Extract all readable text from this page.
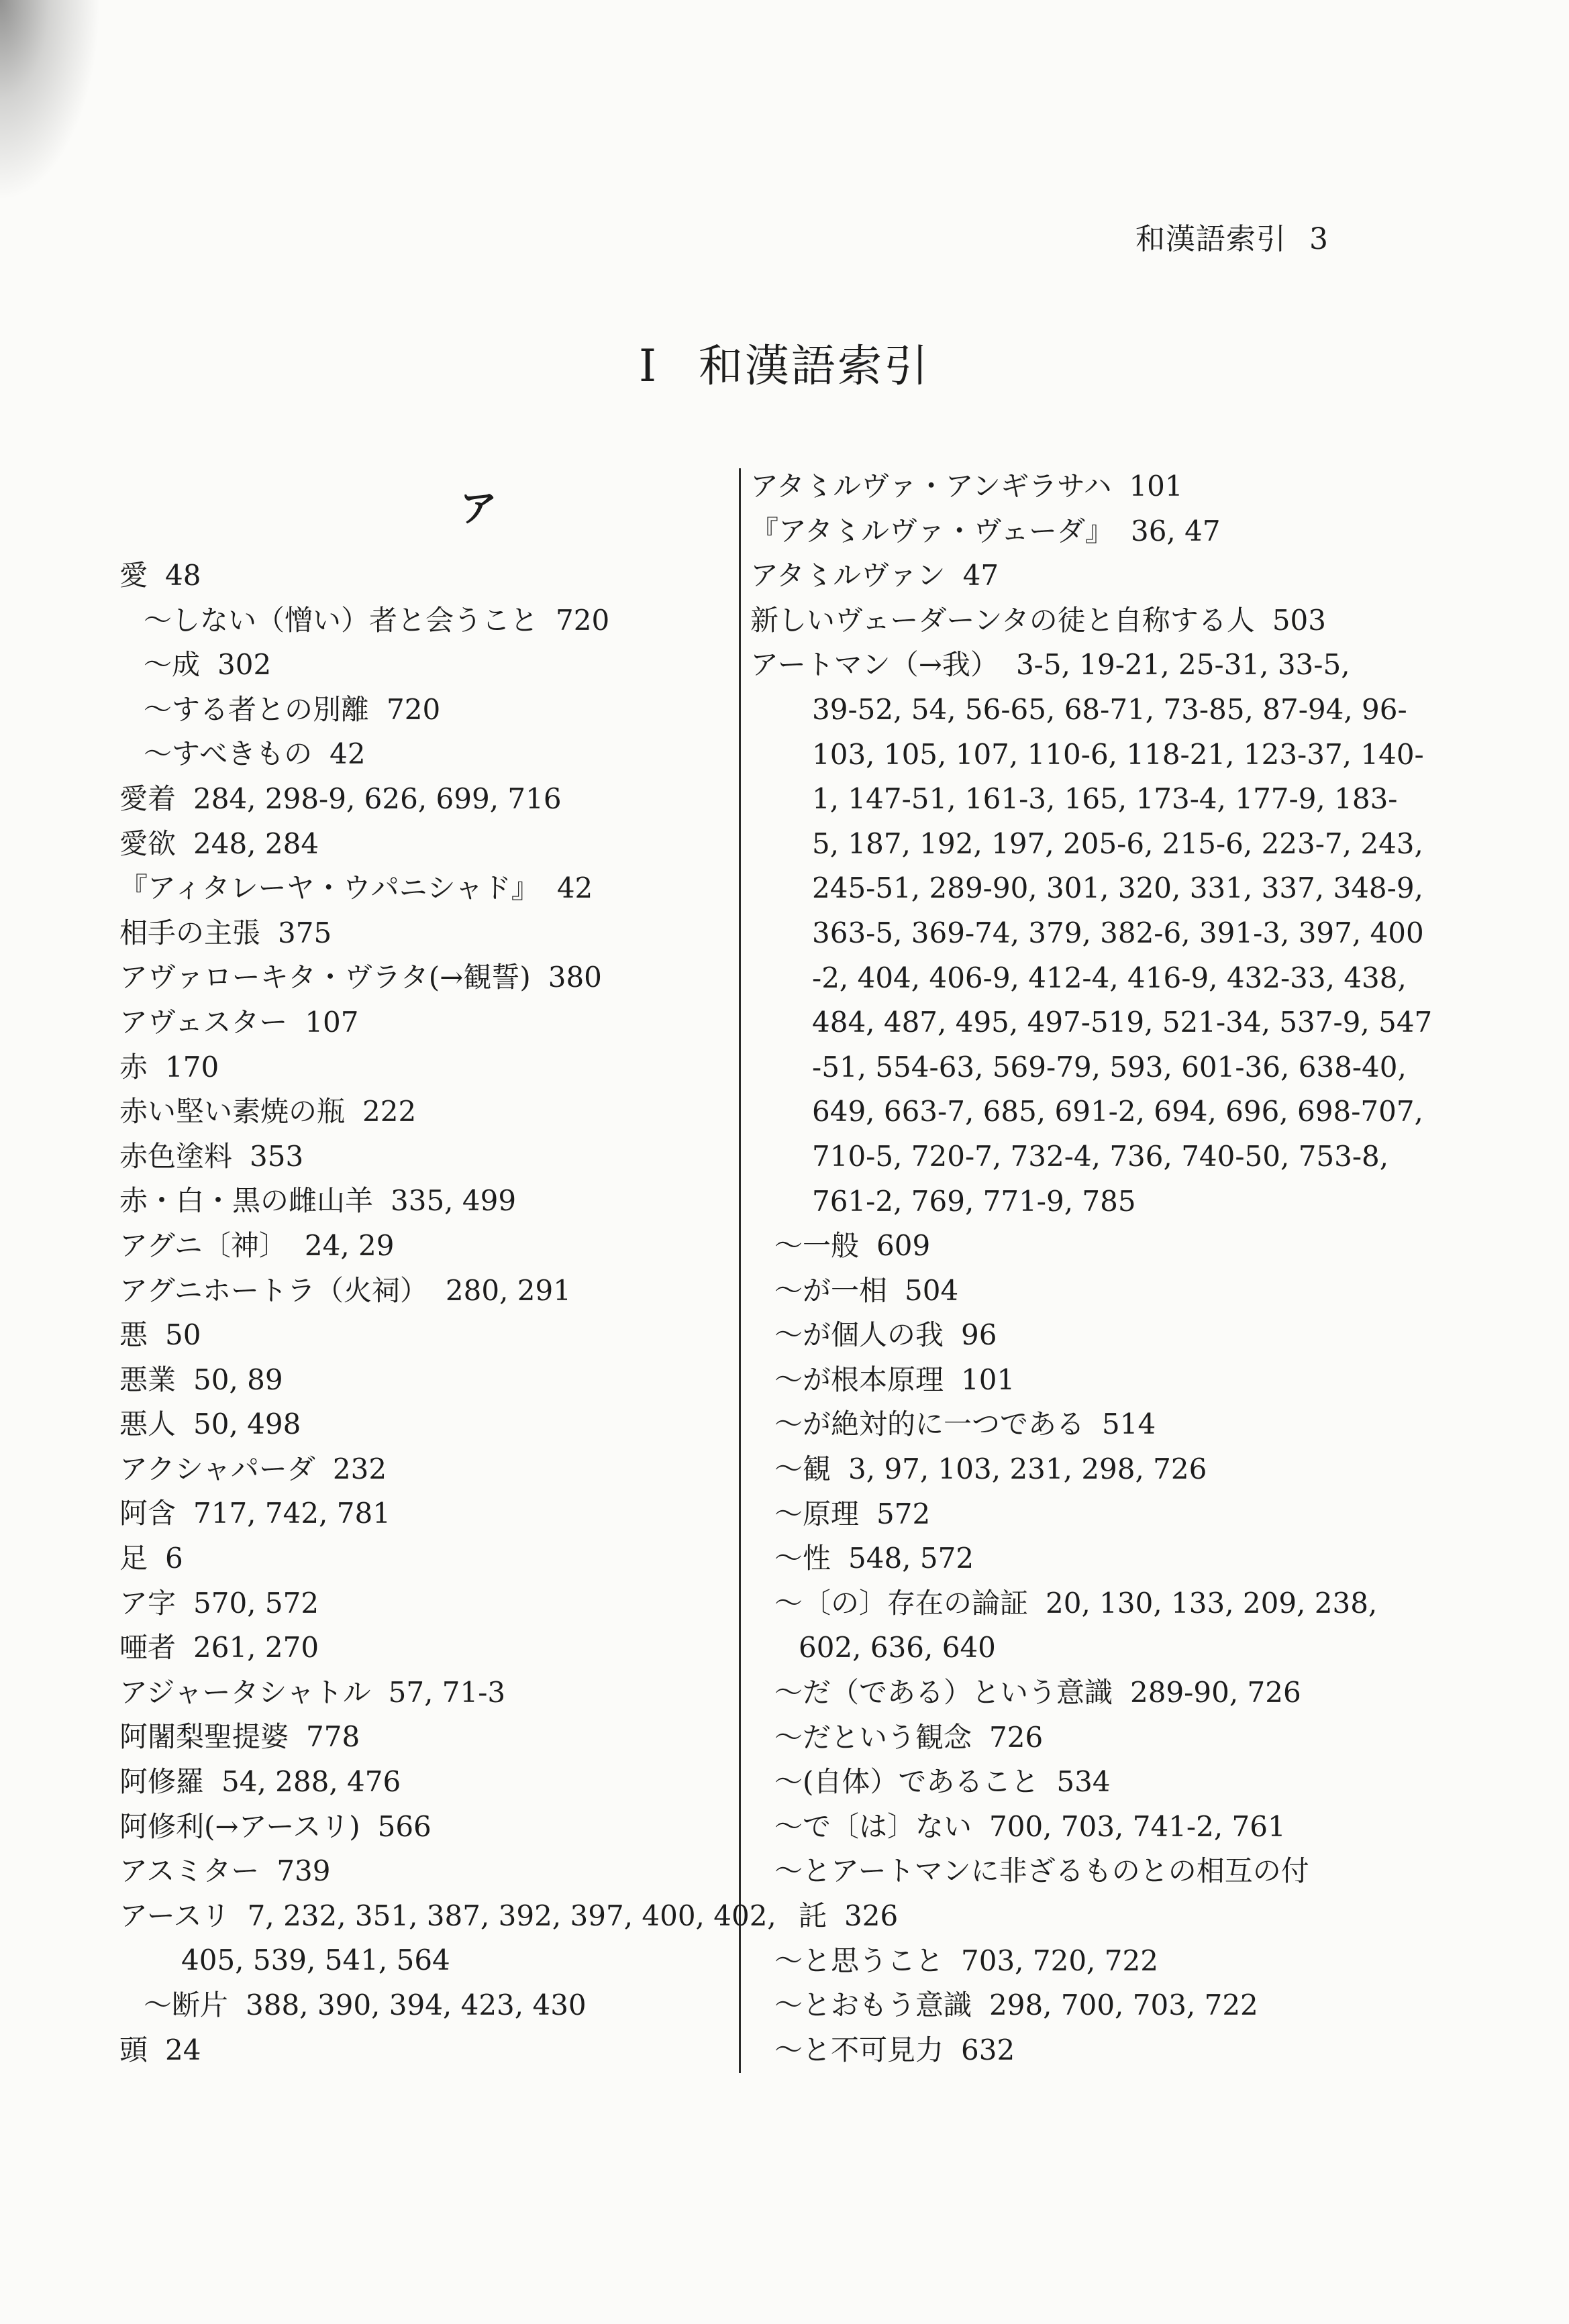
和漢語索引 3
I 和漢語索引
ア
愛 48
～しない（憎い）者と会うこと 720
～成 302
～する者との別離 720
～すべきもの 42
愛着 284, 298-9, 626, 699, 716
愛欲 248, 284
『アィタレーヤ・ウパニシャド』 42
相手の主張 375
アヴァローキタ・ヴラタ(→観誓) 380
アヴェスター 107
赤 170
赤い堅い素焼の瓶 222
赤色塗料 353
赤・白・黒の雌山羊 335, 499
アグニ〔神〕 24, 29
アグニホートラ（火祠） 280, 291
悪 50
悪業 50, 89
悪人 50, 498
アクシャパーダ 232
阿含 717, 742, 781
足 6
ア字 570, 572
唖者 261, 270
アジャータシャトル 57, 71-3
阿闍梨聖提婆 778
阿修羅 54, 288, 476
阿修利(→アースリ) 566
アスミター 739
アースリ 7, 232, 351, 387, 392, 397, 400, 402,
405, 539, 541, 564
～断片 388, 390, 394, 423, 430
頭 24
アタ〻ルヴァ・アンギラサハ 101
『アタ〻ルヴァ・ヴェーダ』 36, 47
アタ〻ルヴァン 47
新しいヴェーダーンタの徒と自称する人 503
アートマン（→我） 3-5, 19-21, 25-31, 33-5,
39-52, 54, 56-65, 68-71, 73-85, 87-94, 96-
103, 105, 107, 110-6, 118-21, 123-37, 140-
1, 147-51, 161-3, 165, 173-4, 177-9, 183-
5, 187, 192, 197, 205-6, 215-6, 223-7, 243,
245-51, 289-90, 301, 320, 331, 337, 348-9,
363-5, 369-74, 379, 382-6, 391-3, 397, 400
-2, 404, 406-9, 412-4, 416-9, 432-33, 438,
484, 487, 495, 497-519, 521-34, 537-9, 547
-51, 554-63, 569-79, 593, 601-36, 638-40,
649, 663-7, 685, 691-2, 694, 696, 698-707,
710-5, 720-7, 732-4, 736, 740-50, 753-8,
761-2, 769, 771-9, 785
～一般 609
～が一相 504
～が個人の我 96
～が根本原理 101
～が絶対的に一つである 514
～観 3, 97, 103, 231, 298, 726
～原理 572
～性 548, 572
～〔の〕存在の論証 20, 130, 133, 209, 238,
602, 636, 640
～だ（である）という意識 289-90, 726
～だという観念 726
～(自体）であること 534
～で〔は〕ない 700, 703, 741-2, 761
～とアートマンに非ざるものとの相互の付
託 326
～と思うこと 703, 720, 722
～とおもう意識 298, 700, 703, 722
～と不可見力 632
